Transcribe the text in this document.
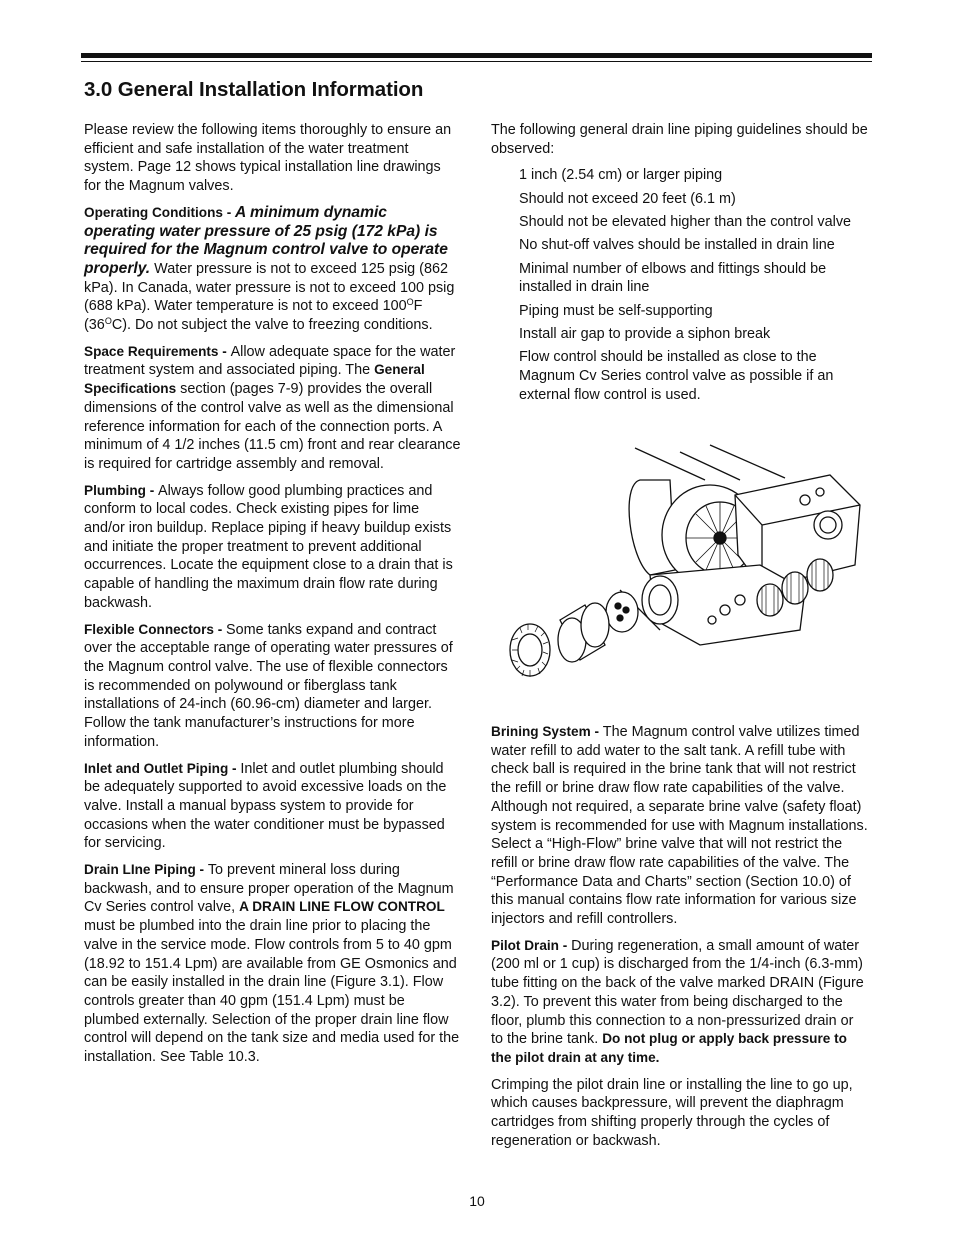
3.0 General Installation Information

Please review the following items thoroughly to ensure an efficient and safe installation of the water treatment system. Page 12 shows typical installation line drawings for the Magnum valves.

Operating Conditions - A minimum dynamic operating water pressure of 25 psig (172 kPa) is required for the Magnum control valve to operate properly. Water pressure is not to exceed 125 psig (862 kPa). In Canada, water pressure is not to exceed 100 psig (688 kPa). Water temperature is not to exceed $100^OF$ $(36^OC)$. Do not subject the valve to freezing conditions.

Space Requirements - Allow adequate space for the water treatment system and associated piping. The General Specifications section (pages 7-9) provides the overall dimensions of the control valve as well as the dimensional reference information for each of the connection ports. A minimum of 4 1/2 inches (11.5 cm) front and rear clearance is required for cartridge assembly and removal.

Plumbing - Always follow good plumbing practices and conform to local codes. Check existing pipes for lime and/or iron buildup. Replace piping if heavy buildup exists and initiate the proper treatment to prevent additional occurrences. Locate the equipment close to a drain that is capable of handling the maximum drain flow rate during backwash.

Flexible Connectors - Some tanks expand and contract over the acceptable range of operating water pressures of the Magnum control valve. The use of flexible connectors is recommended on polywound or fiberglass tank installations of 24-inch (60.96-cm) diameter and larger. Follow the tank manufacturer’s instructions for more information.

Inlet and Outlet Piping - Inlet and outlet plumbing should be adequately supported to avoid excessive loads on the valve. Install a manual bypass system to provide for occasions when the water conditioner must be bypassed for servicing.

Drain LIne Piping - To prevent mineral loss during backwash, and to ensure proper operation of the Magnum Cv Series control valve, A DRAIN LINE FLOW CONTROL must be plumbed into the drain line prior to placing the valve in the service mode. Flow controls from 5 to 40 gpm (18.92 to 151.4 Lpm) are available from GE Osmonics and can be easily installed in the drain line (Figure 3.1). Flow controls greater than 40 gpm (151.4 Lpm) must be plumbed externally. Selection of the proper drain line flow control will depend on the tank size and media used for the installation. See Table 10.3.

The following general drain line piping guidelines should be observed:

1 inch (2.54 cm) or larger piping
Should not exceed 20 feet (6.1 m)
Should not be elevated higher than the control valve
No shut-off valves should be installed in drain line
Minimal number of elbows and fittings should be installed in drain line
Piping must be self-supporting
Install air gap to provide a siphon break
Flow control should be installed as close to the Magnum Cv Series control valve as possible if an external flow control is used.

Brining System - The Magnum control valve utilizes timed water refill to add water to the salt tank. A refill tube with check ball is required in the brine tank that will not restrict the refill or brine draw flow rate capabilities of the valve. Although not required, a separate brine valve (safety float) system is recommended for use with Magnum installations. Select a “High-Flow” brine valve that will not restrict the refill or brine draw flow rate capabilities of the valve. The “Performance Data and Charts” section (Section 10.0) of this manual contains flow rate information for various size injectors and refill controllers.

Pilot Drain - During regeneration, a small amount of water (200 ml or 1 cup) is discharged from the 1/4-inch (6.3-mm) tube fitting on the back of the valve marked DRAIN (Figure 3.2). To prevent this water from being discharged to the floor, plumb this connection to a non-pressurized drain or to the brine tank. Do not plug or apply back pressure to the pilot drain at any time.

Crimping the pilot drain line or installing the line to go up, which causes backpressure, will prevent the diaphragm cartridges from shifting properly through the cycles of regeneration or backwash.

10
